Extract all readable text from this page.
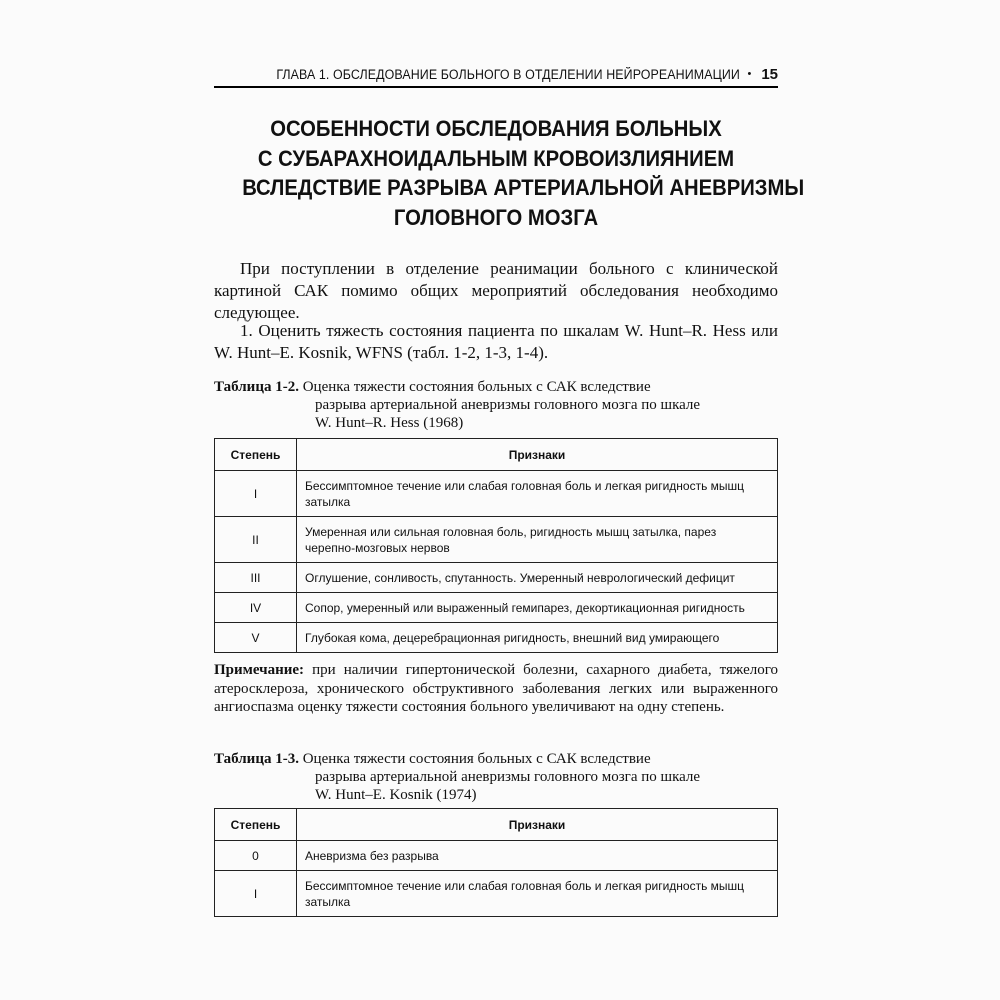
ГЛАВА 1. ОБСЛЕДОВАНИЕ БОЛЬНОГО В ОТДЕЛЕНИИ НЕЙРОРЕАНИМАЦИИ • 15
ОСОБЕННОСТИ ОБСЛЕДОВАНИЯ БОЛЬНЫХ
С СУБАРАХНОИДАЛЬНЫМ КРОВОИЗЛИЯНИЕМ
ВСЛЕДСТВИЕ РАЗРЫВА АРТЕРИАЛЬНОЙ АНЕВРИЗМЫ
ГОЛОВНОГО МОЗГА

При поступлении в отделение реанимации больного с клинической картиной САК помимо общих мероприятий обследования необходимо следующее.

1. Оценить тяжесть состояния пациента по шкалам W. Hunt–R. Hess или W. Hunt–E. Kosnik, WFNS (табл. 1-2, 1-3, 1-4).

Таблица 1-2. Оценка тяжести состояния больных с САК вследствие
разрыва артериальной аневризмы головного мозга по шкале
W. Hunt–R. Hess (1968)
Степень	Признаки
I	Бессимптомное течение или слабая головная боль и легкая ригидность мышц затылка
II	Умеренная или сильная головная боль, ригидность мышц затылка, парез черепно-мозговых нервов
III	Оглушение, сонливость, спутанность. Умеренный неврологический дефицит
IV	Сопор, умеренный или выраженный гемипарез, декортикационная ригидность
V	Глубокая кома, децеребрационная ригидность, внешний вид умирающего
Примечание: при наличии гипертонической болезни, сахарного диабета, тяжелого атеросклероза, хронического обструктивного заболевания легких или выраженного ангиоспазма оценку тяжести состояния больного увеличивают на одну степень.
Таблица 1-3. Оценка тяжести состояния больных с САК вследствие
разрыва артериальной аневризмы головного мозга по шкале
W. Hunt–E. Kosnik (1974)
Степень	Признаки
0	Аневризма без разрыва
I	Бессимптомное течение или слабая головная боль и легкая ригидность мышц затылка
